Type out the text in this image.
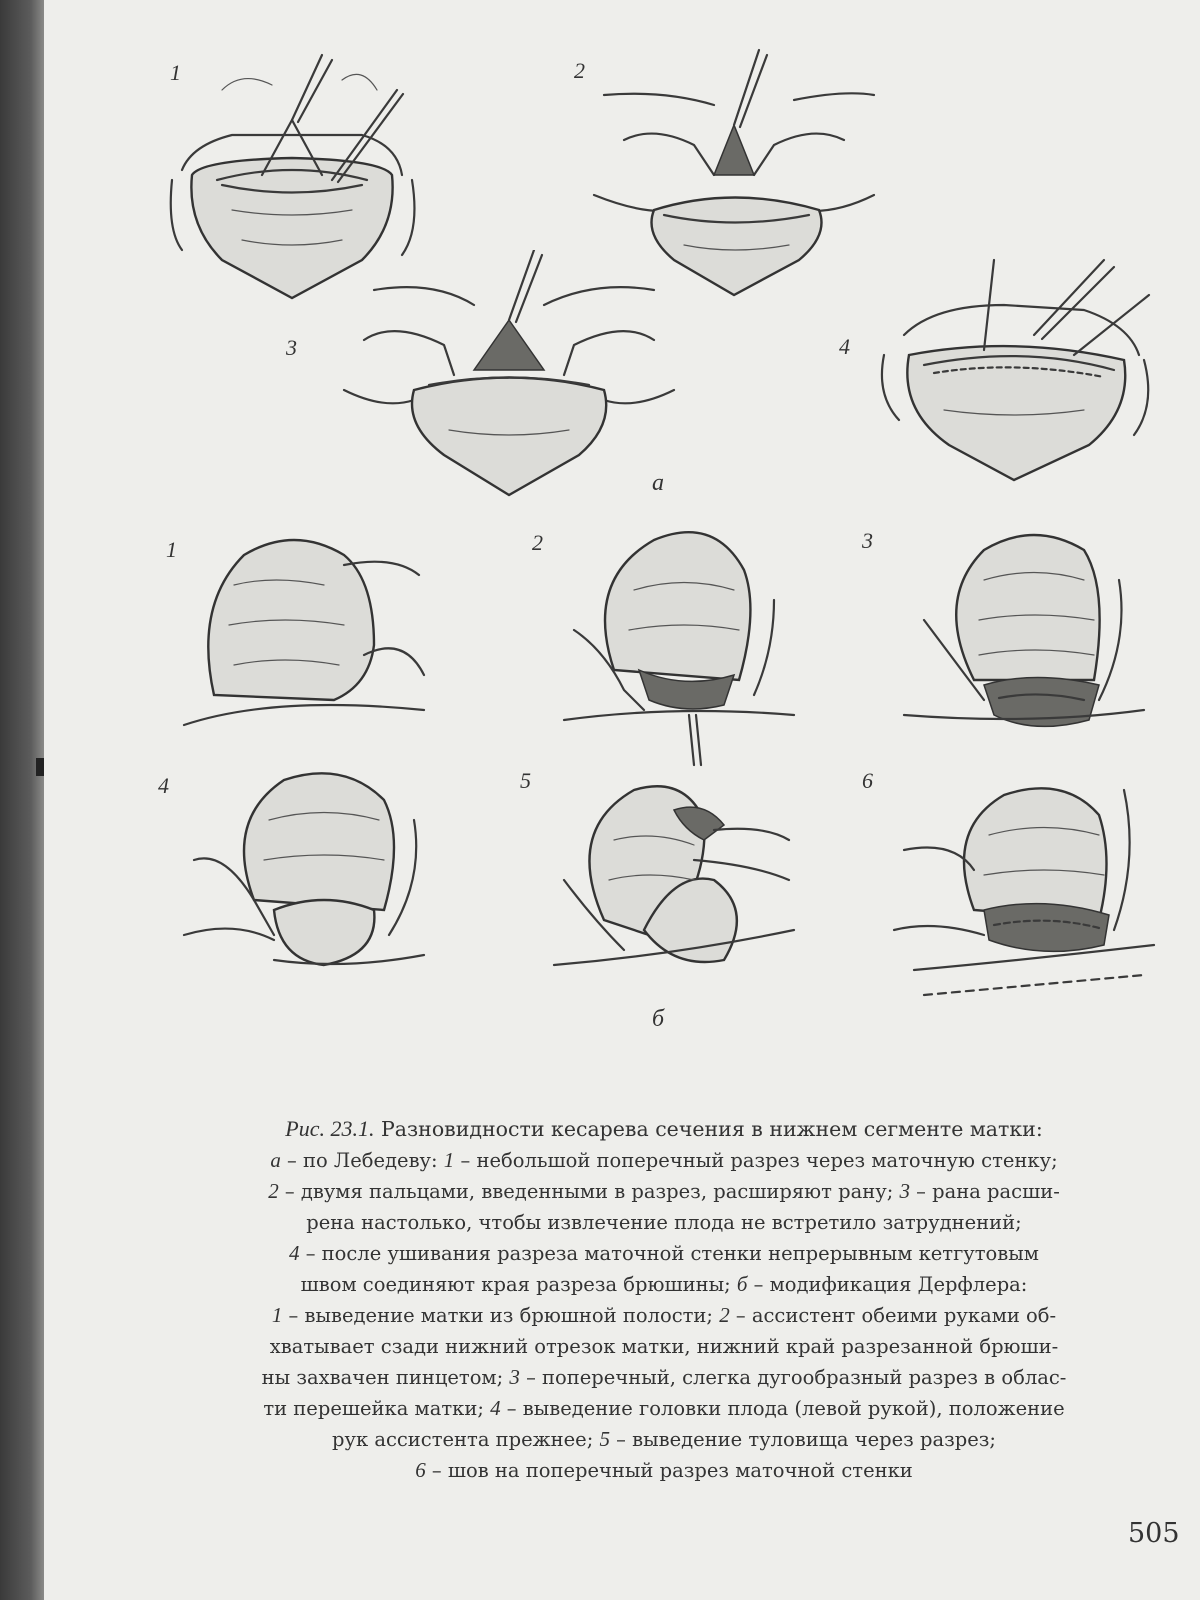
1	2
3	4
а
1	2	3
4	5	6
б
Рис. 23.1. Разновидности кесарева сечения в нижнем сегменте матки:
а – по Лебедеву: 1 – небольшой поперечный разрез через маточную стенку;
2 – двумя пальцами, введенными в разрез, расширяют рану; 3 – рана расши-
рена настолько, чтобы извлечение плода не встретило затруднений;
4 – после ушивания разреза маточной стенки непрерывным кетгутовым
швом соединяют края разреза брюшины; б – модификация Дерфлера:
1 – выведение матки из брюшной полости; 2 – ассистент обеими руками об-
хватывает сзади нижний отрезок матки, нижний край разрезанной брюши-
ны захвачен пинцетом; 3 – поперечный, слегка дугообразный разрез в облас-
ти перешейка матки; 4 – выведение головки плода (левой рукой), положение
рук ассистента прежнее; 5 – выведение туловища через разрез;
6 – шов на поперечный разрез маточной стенки
505
